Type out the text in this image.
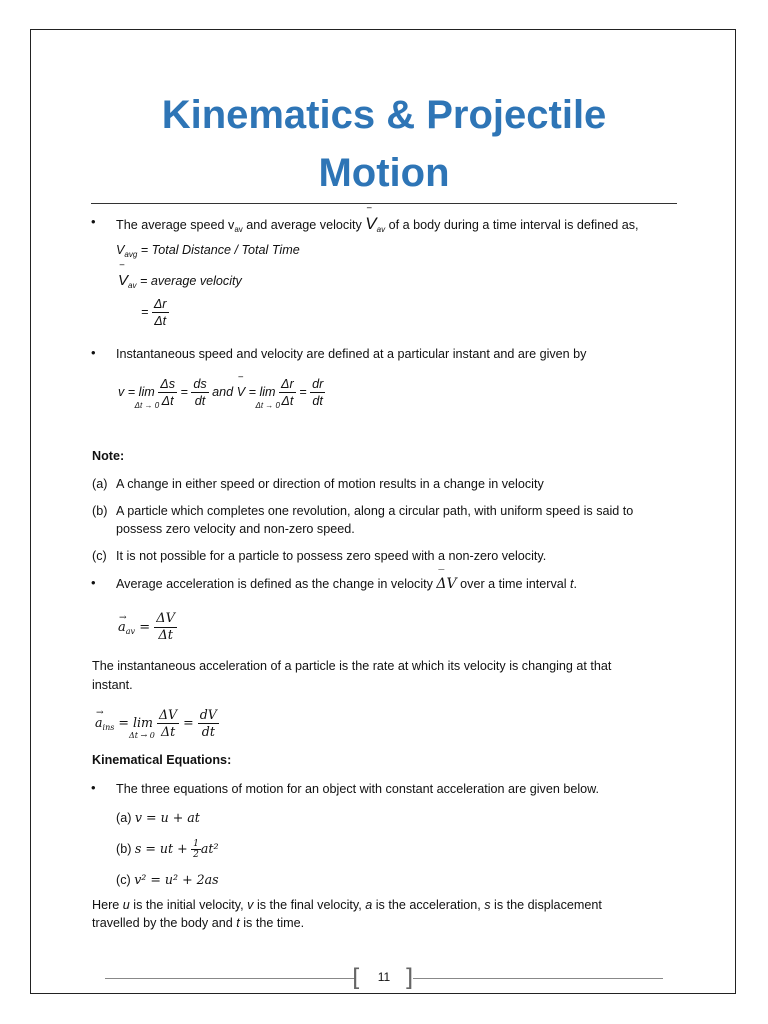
Kinematics & Projectile
Motion
• The average speed $v_{av}$ and average velocity ‾ $V_{av}$ of a body during a time interval is defined as,
$V_{avg}$ = Total Distance / Total Time
‾ $V_{av}$ = average velocity
= $\frac{\Delta r}{\Delta t}$
• Instantaneous speed and velocity are defined at a particular instant and are given by
v = lim
Δt → 0
$\frac{\Delta s}{\Delta t} = \frac{ds}{dt}$ and ‾ V = lim
Δt → 0
$\frac{\Delta r}{\Delta t} = \frac{dr}{dt}$
Note:
(a) A change in either speed or direction of motion results in a change in velocity
(b) A particle which completes one revolution, along a circular path, with uniform speed is said to
possess zero velocity and non-zero speed.
(c) It is not possible for a particle to possess zero speed with a non-zero velocity.
• Average acceleration is defined as the change in velocity ‾ ΔV over a time interval t.
→ $a_{av} = \frac{\Delta V}{\Delta t}$
The instantaneous acceleration of a particle is the rate at which its velocity is changing at that
instant.
→ $a_{ins} = \lim$
Δt → 0
$\frac{\Delta V}{\Delta t} = \frac{dV}{dt}$
Kinematical Equations:
• The three equations of motion for an object with constant acceleration are given below.
(a) v = u + at
(b) s = ut + $\frac{1}{2} at^2$
(c) v² = u² + 2as
Here u is the initial velocity, v is the final velocity, a is the acceleration, s is the displacement
travelled by the body and t is the time.
[ ]
11
